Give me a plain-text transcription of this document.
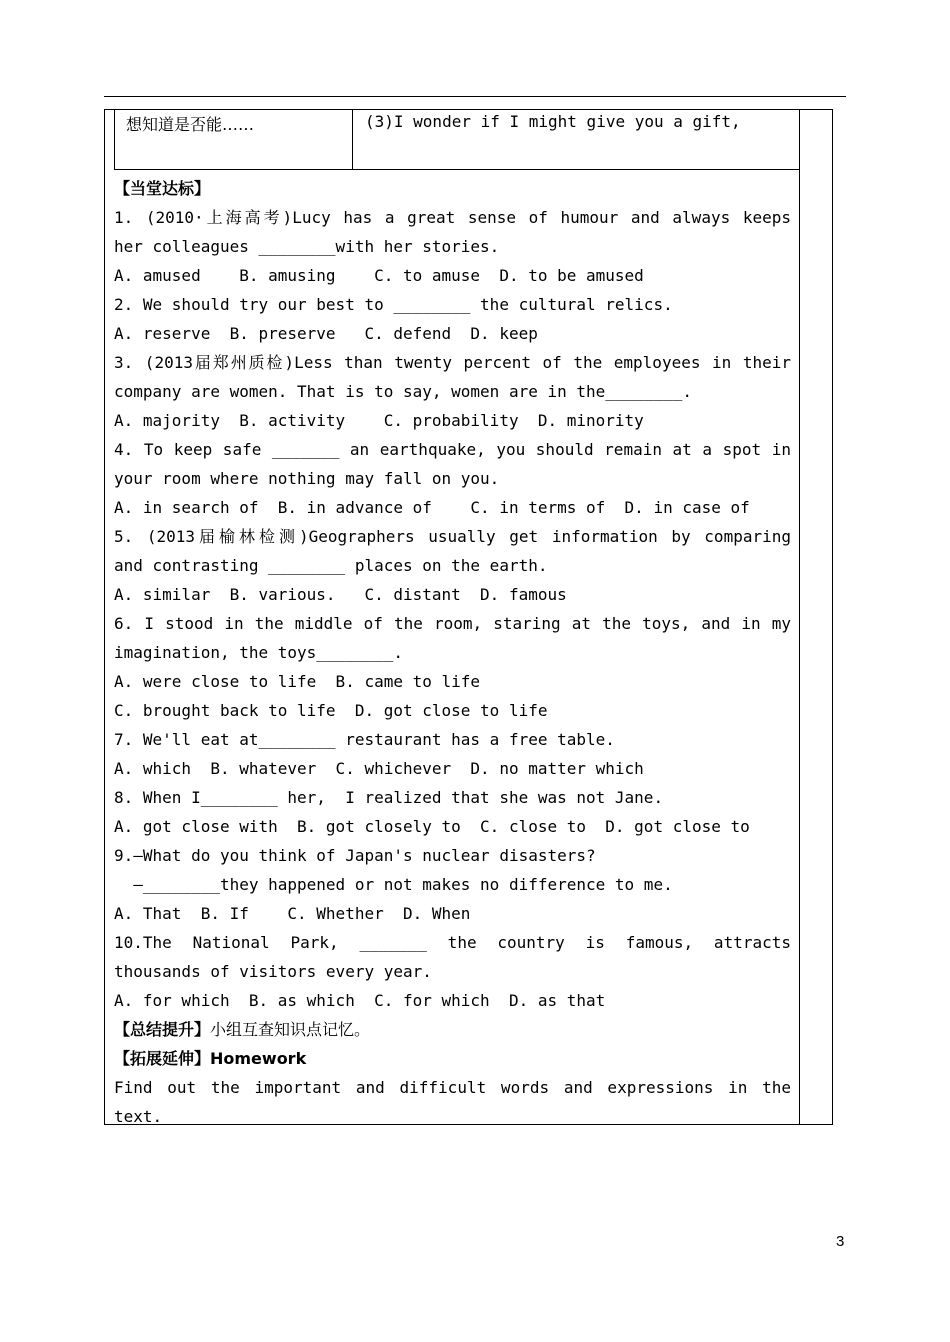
想知道是否能……	(3)I wonder if I might give you a gift,
【当堂达标】
1. (2010·上海高考)Lucy has a great sense of humour and always keeps
her colleagues ________with her stories.
A. amused    B. amusing    C. to amuse  D. to be amused
2. We should try our best to ________ the cultural relics.
A. reserve  B. preserve   C. defend  D. keep
3. (2013届郑州质检)Less than twenty percent of the employees in their
company are women. That is to say, women are in the________.
A. majority  B. activity    C. probability  D. minority
4. To keep safe _______ an earthquake, you should remain at a spot in
your room where nothing may fall on you.
A. in search of  B. in advance of    C. in terms of  D. in case of
5. (2013届榆林检测)Geographers usually get information by comparing
and contrasting ________ places on the earth.
A. similar  B. various.   C. distant  D. famous
6. I stood in the middle of the room, staring at the toys, and in my
imagination, the toys________.
A. were close to life  B. came to life
C. brought back to life  D. got close to life
7. We'll eat at________ restaurant has a free table.
A. which  B. whatever  C. whichever  D. no matter which
8. When I________ her,  I realized that she was not Jane.
A. got close with  B. got closely to  C. close to  D. got close to
9.—What do you think of Japan's nuclear disasters?
—________they happened or not makes no difference to me.
A. That  B. If    C. Whether  D. When
10.The National Park, _______ the country is famous, attracts
thousands of visitors every year.
A. for which  B. as which  C. for which  D. as that
【总结提升】小组互查知识点记忆。
【拓展延伸】Homework
Find out the important and difficult words and expressions in the
text.
3
